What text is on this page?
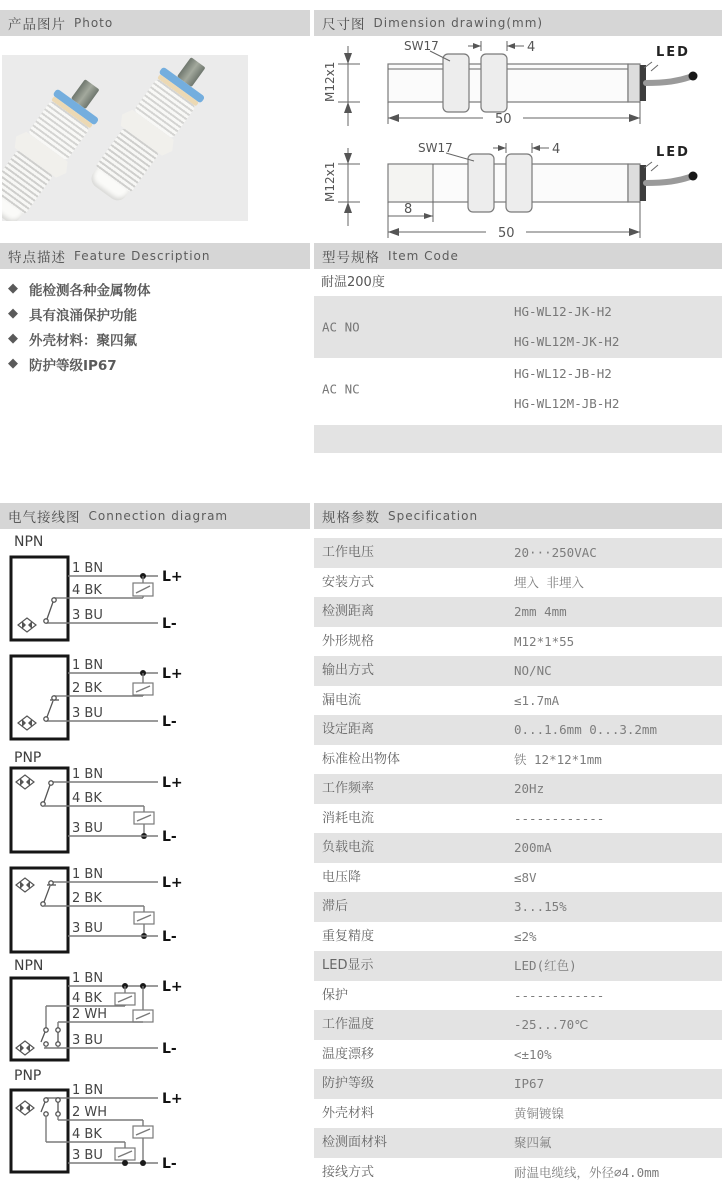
产品图片 Photo	尺寸图 Dimension drawing(mm)
特点描述 Feature Description	型号规格 Item Code
电气接线图 Connection diagram	规格参数 Specification
M12x1
SW17	4	LED
50
M12x1
SW17	4	LED
8
50
◆ 能检测各种金属物体
◆ 具有浪涌保护功能
◆ 外壳材料：聚四氟
◆ 防护等级IP67
耐温200度
AC NO
HG-WL12-JK-H2
HG-WL12M-JK-H2
AC NC
HG-WL12-JB-H2
HG-WL12M-JB-H2
NPN
1 BN
L+
4 BK
3 BU
L-
1 BN
L+
2 BK
3 BU
L-
PNP
1 BN
L+
4 BK
3 BU
L-
1 BN
L+
2 BK
3 BU
L-
NPN
1 BN
L+
4 BK
2 WH
3 BU
L-
PNP
1 BN
L+
2 WH
4 BK
3 BU
L-
工作电压	20···250VAC
安装方式	埋入 非埋入
检测距离	2mm 4mm
外形规格	M12*1*55
输出方式	NO/NC
漏电流	≤1.7mA
设定距离	0...1.6mm 0...3.2mm
标准检出物体	铁 12*12*1mm
工作频率	20Hz
消耗电流	------------
负载电流	200mA
电压降	≤8V
滞后	3...15%
重复精度	≤2%
LED显示	LED(红色)
保护	------------
工作温度	-25...70℃
温度漂移	<±10%
防护等级	IP67
外壳材料	黄铜镀镍
检测面材料	聚四氟
接线方式	耐温电缆线，外径∅4.0mm
